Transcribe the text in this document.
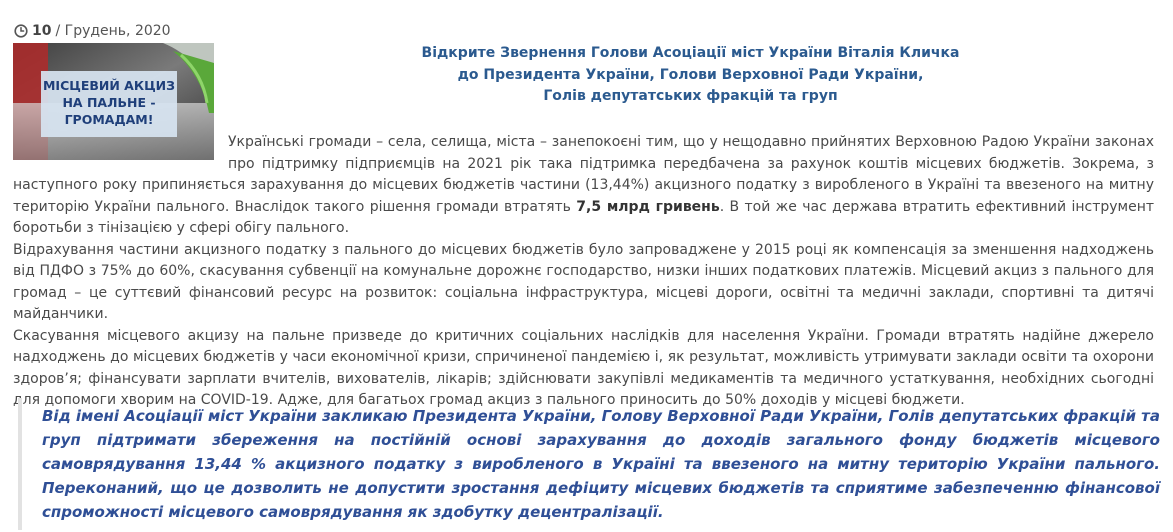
10 / Грудень, 2020
МІСЦЕВИЙ АКЦИЗ
НА ПАЛЬНЕ -
ГРОМАДАМ!
Відкрите Звернення Голови Асоціації міст України Віталія Кличка
до Президента України, Голови Верховної Ради України,
Голів депутатських фракцій та груп

Українські громади – села, селища, міста – занепокоєні тим, що у нещодавно прийнятих Верховною Радою України законах про підтримку підприємців на 2021 рік така підтримка передбачена за рахунок коштів місцевих бюджетів. Зокрема, з наступного року припиняється зарахування до місцевих бюджетів частини (13,44%) акцизного податку з виробленого в Україні та ввезеного на митну територію України пального. Внаслідок такого рішення громади втратять 7,5 млрд гривень. В той же час держава втратить ефективний інструмент боротьби з тінізацією у сфері обігу пального.

Відрахування частини акцизного податку з пального до місцевих бюджетів було запроваджене у 2015 році як компенсація за зменшення надходжень від ПДФО з 75% до 60%, скасування субвенції на комунальне дорожнє господарство, низки інших податкових платежів. Місцевий акциз з пального для громад – це суттєвий фінансовий ресурс на розвиток: соціальна інфраструктура, місцеві дороги, освітні та медичні заклади, спортивні та дитячі майданчики.

Скасування місцевого акцизу на пальне призведе до критичних соціальних наслідків для населення України. Громади втратять надійне джерело надходжень до місцевих бюджетів у часи економічної кризи, спричиненої пандемією і, як результат, можливість утримувати заклади освіти та охорони здоров’я; фінансувати зарплати вчителів, вихователів, лікарів; здійснювати закупівлі медикаментів та медичного устаткування, необхідних сьогодні для допомоги хворим на COVID-19. Адже, для багатьох громад акциз з пального приносить до 50% доходів у місцеві бюджети.

Від імені Асоціації міст України закликаю Президента України, Голову Верховної Ради України, Голів депутатських фракцій та груп підтримати збереження на постійній основі зарахування до доходів загального фонду бюджетів місцевого самоврядування 13,44 % акцизного податку з виробленого в Україні та ввезеного на митну територію України пального. Переконаний, що це дозволить не допустити зростання дефіциту місцевих бюджетів та сприятиме забезпеченню фінансової спроможності місцевого самоврядування як здобутку децентралізації.
